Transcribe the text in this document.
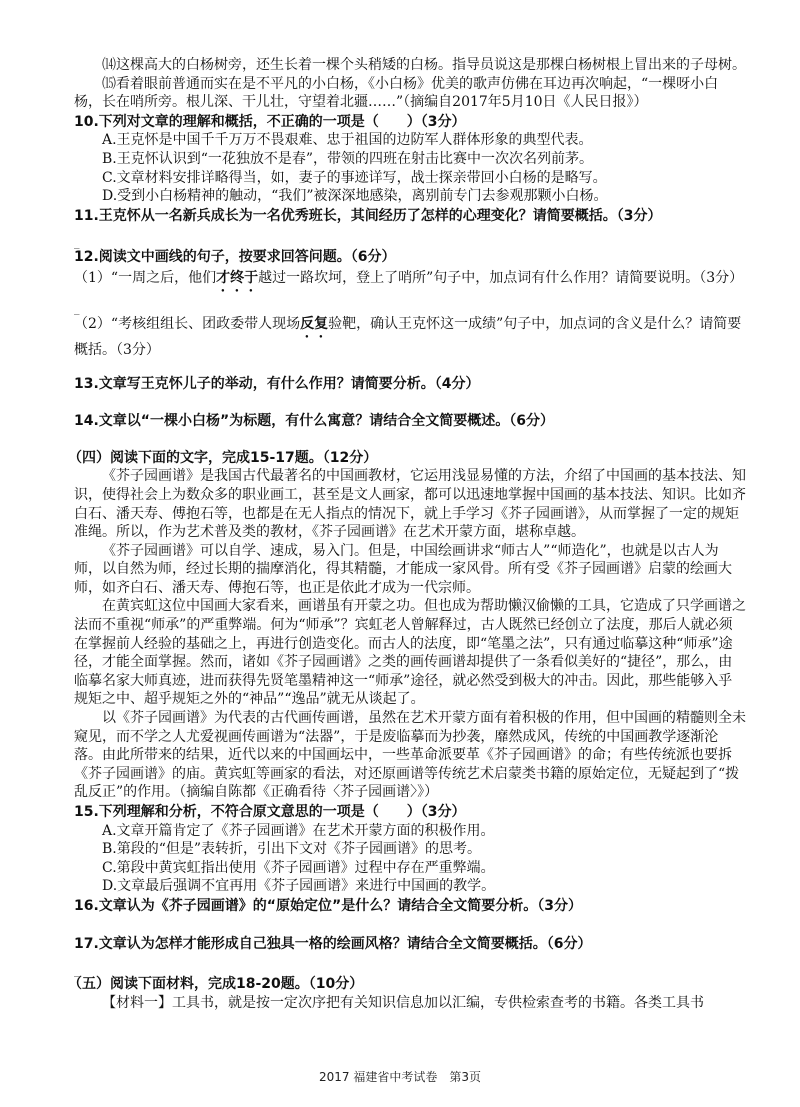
⒁这棵高大的白杨树旁，还生长着一棵个头稍矮的白杨。指导员说这是那棵白杨树根上冒出来的子母树。

⒂看着眼前普通而实在是不平凡的小白杨，《小白杨》优美的歌声仿佛在耳边再次响起，“一棵呀小白杨，长在哨所旁。根儿深、干儿壮，守望着北疆……”（摘编自2017年5月10日《人民日报》）

10.下列对文章的理解和概括，不正确的一项是（　　）（3分）

A.王克怀是中国千千万万不畏艰难、忠于祖国的边防军人群体形象的典型代表。

B.王克怀认识到“一花独放不是春”，带领的四班在射击比赛中一次次名列前茅。

C.文章材料安排详略得当，如，妻子的事迹详写，战士探亲带回小白杨的是略写。

D.受到小白杨精神的触动，“我们”被深深地感染，离别前专门去参观那颗小白杨。

11.王克怀从一名新兵成长为一名优秀班长，其间经历了怎样的心理变化？请简要概括。（3分）

_

12.阅读文中画线的句子，按要求回答问题。（6分）

（1）“一周之后，他们才终于越过一路坎坷，登上了哨所”句子中，加点词有什么作用？请简要说明。（3分）

_

（2）“考核组组长、团政委带人现场反复验靶，确认王克怀这一成绩”句子中，加点词的含义是什么？请简要概括。（3分）

13.文章写王克怀儿子的举动，有什么作用？请简要分析。（4分）

14.文章以“一棵小白杨”为标题，有什么寓意？请结合全文简要概述。（6分）

（四）阅读下面的文字，完成15-17题。（12分）

《芥子园画谱》是我国古代最著名的中国画教材，它运用浅显易懂的方法，介绍了中国画的基本技法、知识，使得社会上为数众多的职业画工，甚至是文人画家，都可以迅速地掌握中国画的基本技法、知识。比如齐白石、潘天寿、傅抱石等，也都是在无人指点的情况下，就上手学习《芥子园画谱》，从而掌握了一定的规矩准绳。所以，作为艺术普及类的教材，《芥子园画谱》在艺术开蒙方面，堪称卓越。

《芥子园画谱》可以自学、速成，易入门。但是，中国绘画讲求“师古人”“师造化”，也就是以古人为师，以自然为师，经过长期的揣摩消化，得其精髓，才能成一家风骨。所有受《芥子园画谱》启蒙的绘画大师，如齐白石、潘天寿、傅抱石等，也正是依此才成为一代宗师。

在黄宾虹这位中国画大家看来，画谱虽有开蒙之功。但也成为帮助懒汉偷懒的工具，它造成了只学画谱之法而不重视“师承”的严重弊端。何为“师承”？宾虹老人曾解释过，古人既然已经创立了法度，那后人就必须在掌握前人经验的基础之上，再进行创造变化。而古人的法度，即“笔墨之法”，只有通过临摹这种“师承”途径，才能全面掌握。然而，诸如《芥子园画谱》之类的画传画谱却提供了一条看似美好的“捷径”，那么，由临摹名家大师真迹，进而获得先贤笔墨精神这一“师承”途径，就必然受到极大的冲击。因此，那些能够入乎规矩之中、超乎规矩之外的“神品”“逸品”就无从谈起了。

以《芥子园画谱》为代表的古代画传画谱，虽然在艺术开蒙方面有着积极的作用，但中国画的精髓则全未窥见，而不学之人尤爱视画传画谱为“法器”，于是废临摹而为抄袭，靡然成风，传统的中国画教学逐渐沦落。由此所带来的结果，近代以来的中国画坛中，一些革命派要革《芥子园画谱》的命；有些传统派也要拆《芥子园画谱》的庙。黄宾虹等画家的看法，对还原画谱等传统艺术启蒙类书籍的原始定位，无疑起到了“拨乱反正”的作用。（摘编自陈都《正确看待〈芥子园画谱〉》）

15.下列理解和分析，不符合原文意思的一项是（　　）（3分）

A.文章开篇肯定了《芥子园画谱》在艺术开蒙方面的积极作用。

B.第段的“但是”表转折，引出下文对《芥子园画谱》的思考。

C.第段中黄宾虹指出使用《芥子园画谱》过程中存在严重弊端。

D.文章最后强调不宜再用《芥子园画谱》来进行中国画的教学。

16.文章认为《芥子园画谱》的“原始定位”是什么？请结合全文简要分析。（3分）

17.文章认为怎样才能形成自己独具一格的绘画风格？请结合全文简要概括。（6分）

_

（五）阅读下面材料，完成18-20题。（10分）

【材料一】工具书，就是按一定次序把有关知识信息加以汇编，专供检索查考的书籍。各类工具书

2017 福建省中考试卷　第3页
